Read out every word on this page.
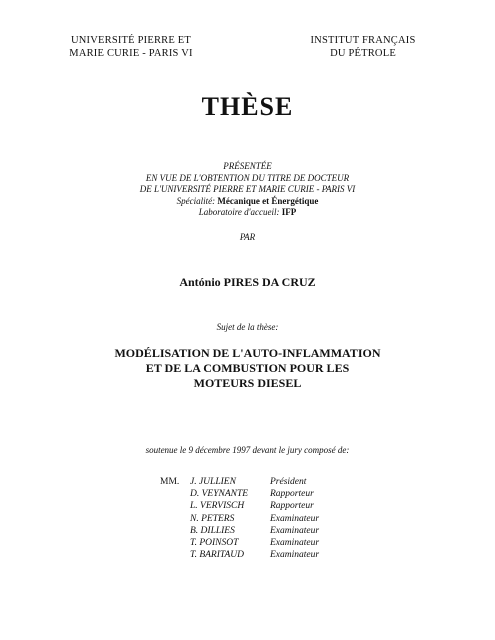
UNIVERSITÉ PIERRE ET
MARIE CURIE - PARIS VI
INSTITUT FRANÇAIS
DU PÉTROLE
THÈSE
PRÉSENTÉE
EN VUE DE L'OBTENTION DU TITRE DE DOCTEUR
DE L'UNIVERSITÉ PIERRE ET MARIE CURIE - PARIS VI
Spécialité: Mécanique et Énergétique
Laboratoire d'accueil: IFP
PAR
António PIRES DA CRUZ
Sujet de la thèse:
MODÉLISATION DE L'AUTO-INFLAMMATION
ET DE LA COMBUSTION POUR LES
MOTEURS DIESEL
soutenue le 9 décembre 1997 devant le jury composé de:
MM.	J. JULLIEN	Président
D. VEYNANTE	Rapporteur
L. VERVISCH	Rapporteur
N. PETERS	Examinateur
B. DILLIES	Examinateur
T. POINSOT	Examinateur
T. BARITAUD	Examinateur
